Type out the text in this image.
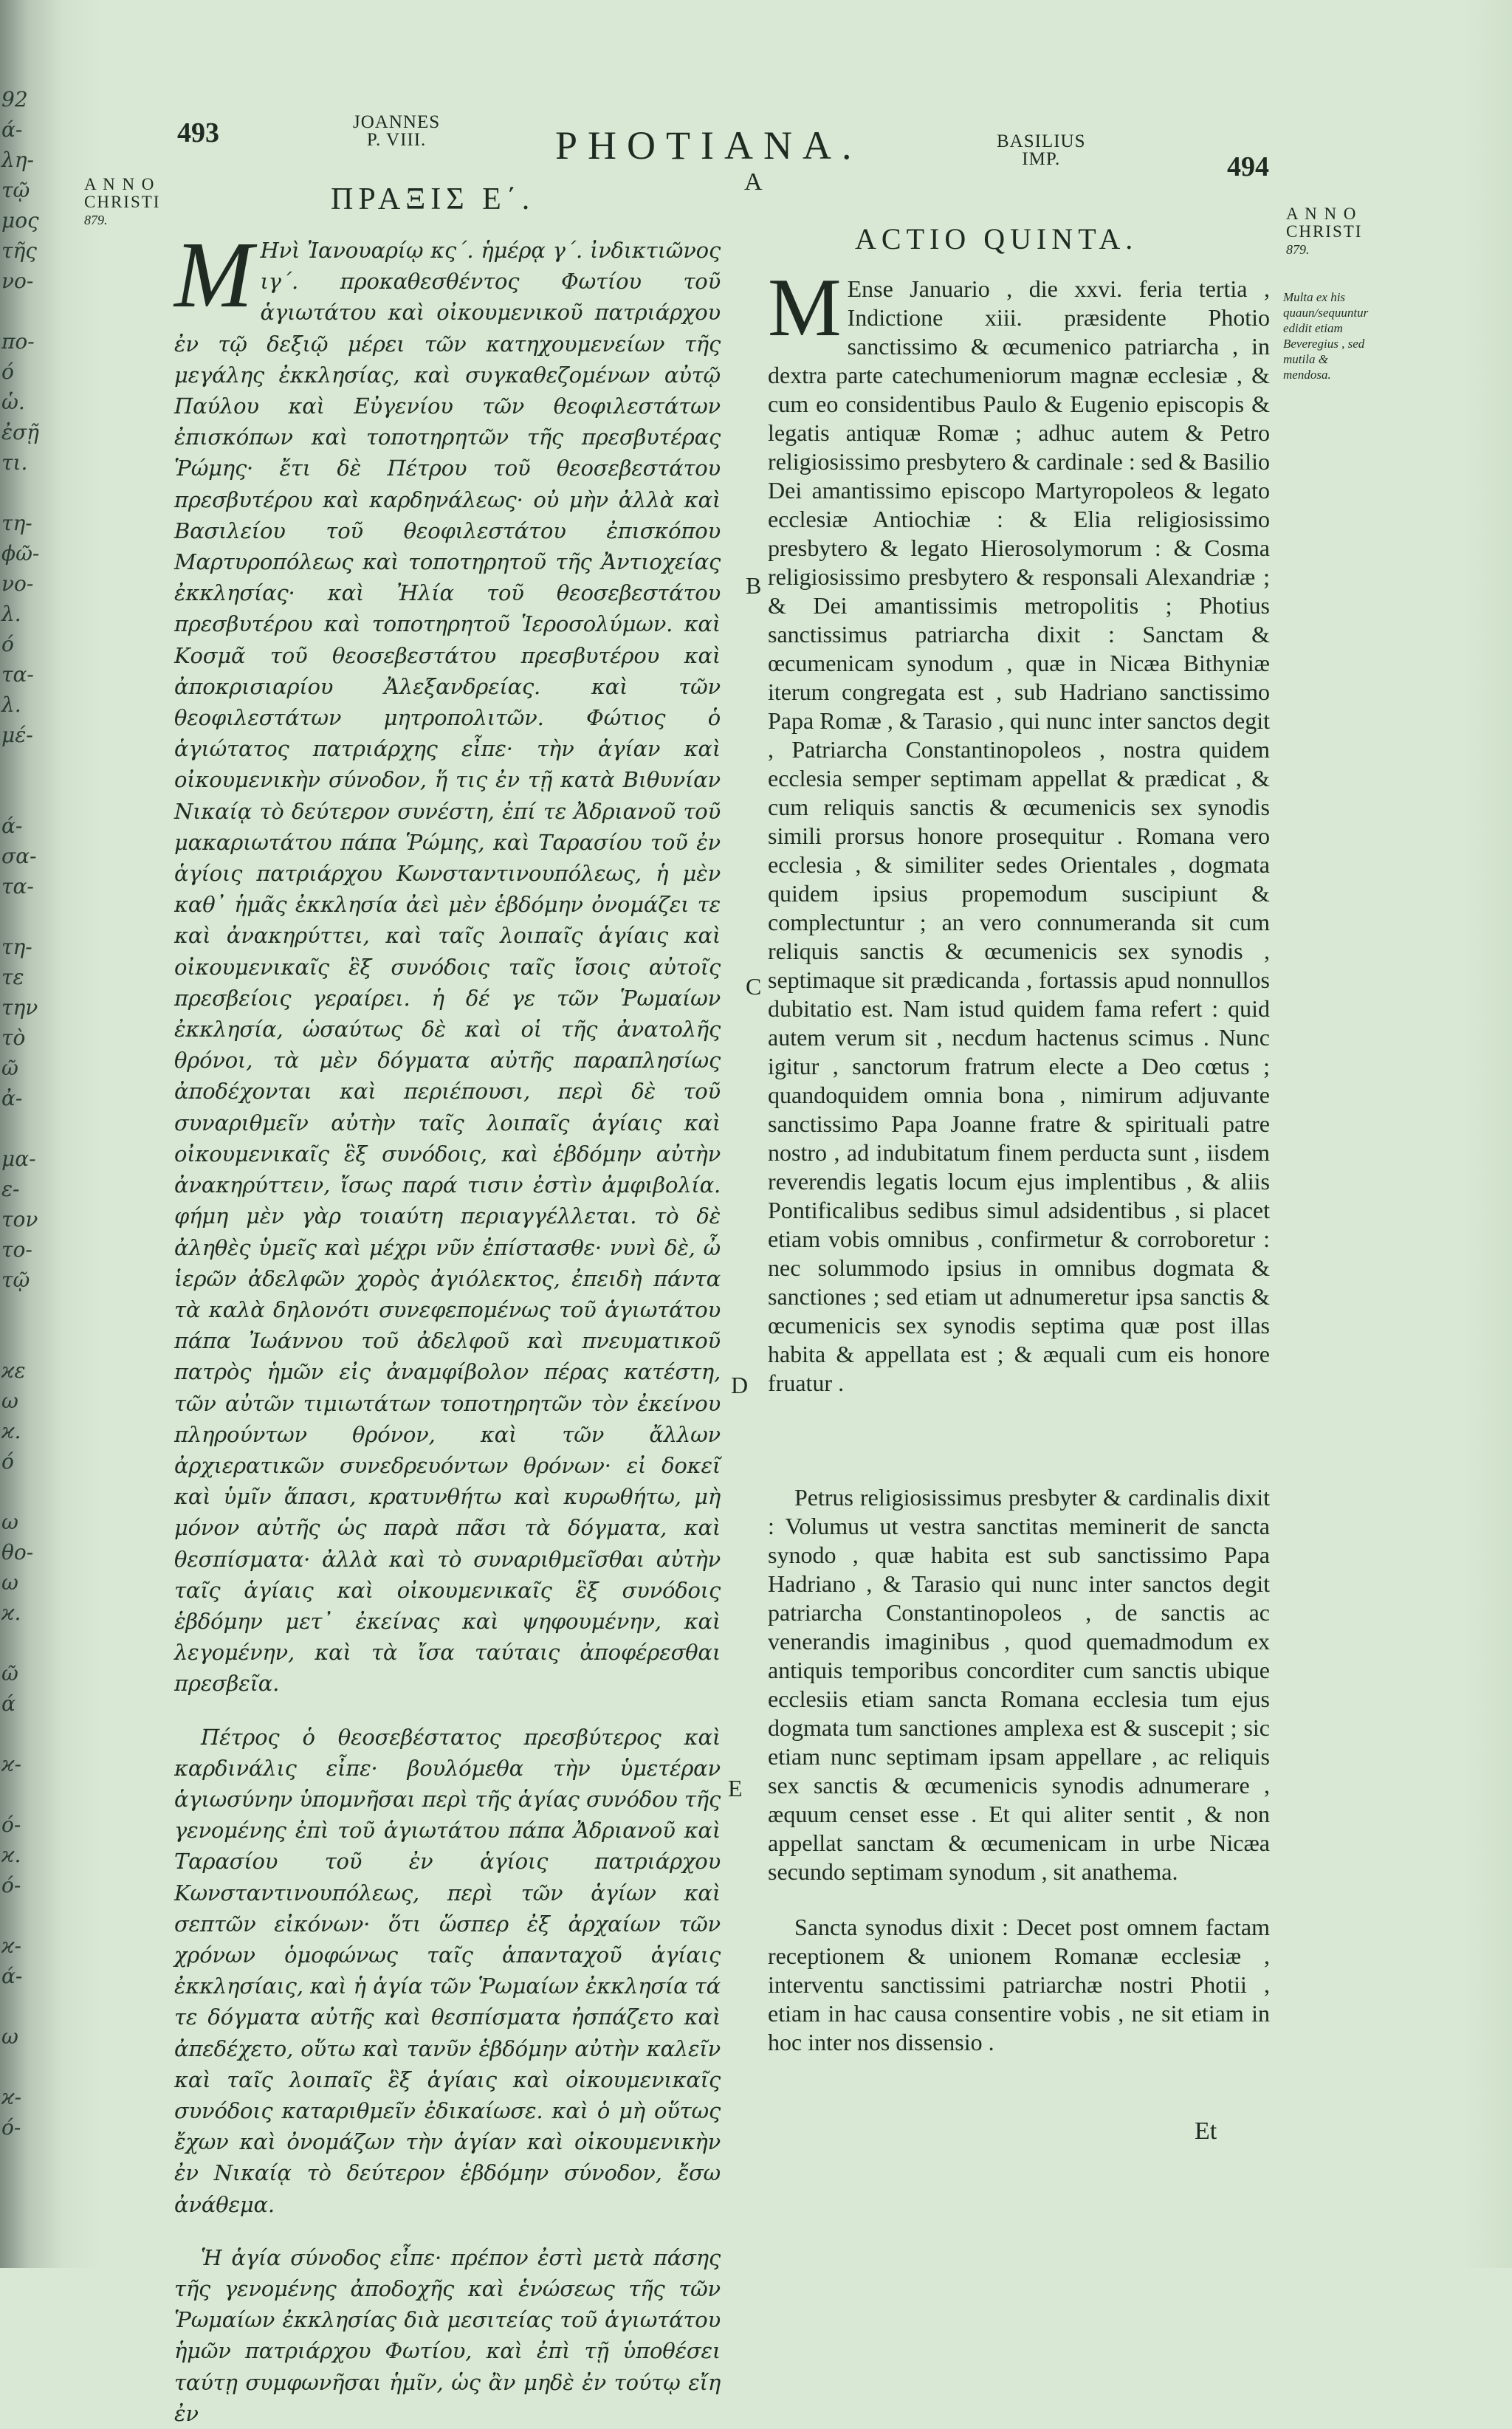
92
ά-
λη-
τῷ
μος
τῆς
νο-
πο-
ό
ὡ.
ἐσῇ
τι.
τη-
ϕῶ-
νο-
λ.
ό
τα-
λ.
μέ-
ά-
σα-
τα-
τη-
τε
την
τὸ
ῶ
ἀ-
μα-
ε-
τον
το-
τῷ
ϰε
ω
ϰ.
ό
ω
θο-
ω
ϰ.
ῶ
ά
ϰ-
ό-
ϰ.
ό-
ϰ-
ά-
ω
ϰ-
ό-
493	JOANNES
P. VIII.	PHOTIANA.	BASILIUS
IMP.	494
A
A N N O
CHRISTI
879.	A N N O
CHRISTI
879.
ΠΡΑΞΙΣ Ε΄.
ACTIO QUINTA.

Μ Ηνὶ Ἰανουαρίῳ κς΄. ἡμέρᾳ γ΄. ἰνδικτιῶνος ιγ΄. προκαθεσθέντος Φωτίου τοῦ ἁγιωτάτου καὶ οἰκουμενικοῦ πατριάρχου ἐν τῷ δεξιῷ μέρει τῶν κατηχουμενείων τῆς μεγάλης ἐκκλησίας, καὶ συγκαθεζομένων αὐτῷ Παύλου καὶ Εὐγενίου τῶν θεοφιλεστάτων ἐπισκόπων καὶ τοποτηρητῶν τῆς πρεσβυτέρας Ῥώμης· ἔτι δὲ Πέτρου τοῦ θεοσεβεστάτου πρεσβυτέρου καὶ καρδηνάλεως· οὐ μὴν ἀλλὰ καὶ Βασιλείου τοῦ θεοφιλεστάτου ἐπισκόπου Μαρτυροπόλεως καὶ τοποτηρητοῦ τῆς Ἀντιοχείας ἐκκλησίας· καὶ Ἠλία τοῦ θεοσεβεστάτου πρεσβυτέρου καὶ τοποτηρητοῦ Ἱεροσολύμων. καὶ Κοσμᾶ τοῦ θεοσεβεστάτου πρεσβυτέρου καὶ ἀποκρισιαρίου Ἀλεξανδρείας. καὶ τῶν θεοφιλεστάτων μητροπολιτῶν. Φώτιος ὁ ἁγιώτατος πατριάρχης εἶπε· τὴν ἁγίαν καὶ οἰκουμενικὴν σύνοδον, ἥ τις ἐν τῇ κατὰ Βιθυνίαν Νικαίᾳ τὸ δεύτερον συνέστη, ἐπί τε Ἀδριανοῦ τοῦ μακαριωτάτου πάπα Ῥώμης, καὶ Ταρασίου τοῦ ἐν ἁγίοις πατριάρχου Κωνσταντινουπόλεως, ἡ μὲν καθ᾽ ἡμᾶς ἐκκλησία ἀεὶ μὲν ἑβδόμην ὀνομάζει τε καὶ ἀνακηρύττει, καὶ ταῖς λοιπαῖς ἁγίαις καὶ οἰκουμενικαῖς ἓξ συνόδοις ταῖς ἴσοις αὐτοῖς πρεσβείοις γεραίρει. ἡ δέ γε τῶν Ῥωμαίων ἐκκλησία, ὡσαύτως δὲ καὶ οἱ τῆς ἀνατολῆς θρόνοι, τὰ μὲν δόγματα αὐτῆς παραπλησίως ἀποδέχονται καὶ περιέπουσι, περὶ δὲ τοῦ συναριθμεῖν αὐτὴν ταῖς λοιπαῖς ἁγίαις καὶ οἰκουμενικαῖς ἓξ συνόδοις, καὶ ἑβδόμην αὐτὴν ἀνακηρύττειν, ἴσως παρά τισιν ἐστὶν ἀμφιβολία. φήμη μὲν γὰρ τοιαύτη περιαγγέλλεται. τὸ δὲ ἀληθὲς ὑμεῖς καὶ μέχρι νῦν ἐπίστασθε· νυνὶ δὲ, ὦ ἱερῶν ἀδελφῶν χορὸς ἀγιόλεκτος, ἐπειδὴ πάντα τὰ καλὰ δηλονότι συνεφεπομένως τοῦ ἁγιωτάτου πάπα Ἰωάννου τοῦ ἀδελφοῦ καὶ πνευματικοῦ πατρὸς ἡμῶν εἰς ἀναμφίβολον πέρας κατέστη, τῶν αὐτῶν τιμιωτάτων τοποτηρητῶν τὸν ἐκείνου πληρούντων θρόνον, καὶ τῶν ἄλλων ἀρχιερατικῶν συνεδρευόντων θρόνων· εἰ δοκεῖ καὶ ὑμῖν ἅπασι, κρατυνθήτω καὶ κυρωθήτω, μὴ μόνον αὐτῆς ὡς παρὰ πᾶσι τὰ δόγματα, καὶ θεσπίσματα· ἀλλὰ καὶ τὸ συναριθμεῖσθαι αὐτὴν ταῖς ἁγίαις καὶ οἰκουμενικαῖς ἓξ συνόδοις ἑβδόμην μετ᾽ ἐκείνας καὶ ψηφουμένην, καὶ λεγομένην, καὶ τὰ ἴσα ταύταις ἀποφέρεσθαι πρεσβεῖα.

Πέτρος ὁ θεοσεβέστατος πρεσβύτερος καὶ καρδινάλις εἶπε· βουλόμεθα τὴν ὑμετέραν ἁγιωσύνην ὑπομνῆσαι περὶ τῆς ἁγίας συνόδου τῆς γενομένης ἐπὶ τοῦ ἁγιωτάτου πάπα Ἀδριανοῦ καὶ Ταρασίου τοῦ ἐν ἁγίοις πατριάρχου Κωνσταντινουπόλεως, περὶ τῶν ἁγίων καὶ σεπτῶν εἰκόνων· ὅτι ὥσπερ ἐξ ἀρχαίων τῶν χρόνων ὁμοφώνως ταῖς ἁπανταχοῦ ἁγίαις ἐκκλησίαις, καὶ ἡ ἁγία τῶν Ῥωμαίων ἐκκλησία τά τε δόγματα αὐτῆς καὶ θεσπίσματα ἠσπάζετο καὶ ἀπεδέχετο, οὕτω καὶ τανῦν ἑβδόμην αὐτὴν καλεῖν καὶ ταῖς λοιπαῖς ἓξ ἁγίαις καὶ οἰκουμενικαῖς συνόδοις καταριθμεῖν ἐδικαίωσε. καὶ ὁ μὴ οὕτως ἔχων καὶ ὀνομάζων τὴν ἁγίαν καὶ οἰκουμενικὴν ἐν Νικαίᾳ τὸ δεύτερον ἑβδόμην σύνοδον, ἔσω ἀνάθεμα.

Ἡ ἁγία σύνοδος εἶπε· πρέπον ἐστὶ μετὰ πάσης τῆς γενομένης ἀποδοχῆς καὶ ἑνώσεως τῆς τῶν Ῥωμαίων ἐκκλησίας διὰ μεσιτείας τοῦ ἁγιωτάτου ἡμῶν πατριάρχου Φωτίου, καὶ ἐπὶ τῇ ὑποθέσει ταύτῃ συμφωνῆσαι ἡμῖν, ὡς ἂν μηδὲ ἐν τούτῳ εἴη ἐν

B
C
D
E

M Ense Januario , die xxvi. feria tertia , Indictione xiii. præsidente Photio sanctissimo & œcumenico patriarcha , in dextra parte catechumeniorum magnæ ecclesiæ , & cum eo considentibus Paulo & Eugenio episcopis & legatis antiquæ Romæ ; adhuc autem & Petro religiosissimo presbytero & cardinale : sed & Basilio Dei amantissimo episcopo Martyropoleos & legato ecclesiæ Antiochiæ : & Elia religiosissimo presbytero & legato Hierosolymorum : & Cosma religiosissimo presbytero & responsali Alexandriæ ; & Dei amantissimis metropolitis ; Photius sanctissimus patriarcha dixit : Sanctam & œcumenicam synodum , quæ in Nicæa Bithyniæ iterum congregata est , sub Hadriano sanctissimo Papa Romæ , & Tarasio , qui nunc inter sanctos degit , Patriarcha Constantinopoleos , nostra quidem ecclesia semper septimam appellat & prædicat , & cum reliquis sanctis & œcumenicis sex synodis simili prorsus honore prosequitur . Romana vero ecclesia , & similiter sedes Orientales , dogmata quidem ipsius propemodum suscipiunt & complectuntur ; an vero connumeranda sit cum reliquis sanctis & œcumenicis sex synodis , septimaque sit prædicanda , fortassis apud nonnullos dubitatio est. Nam istud quidem fama refert : quid autem verum sit , necdum hactenus scimus . Nunc igitur , sanctorum fratrum electe a Deo cœtus ; quandoquidem omnia bona , nimirum adjuvante sanctissimo Papa Joanne fratre & spirituali patre nostro , ad indubitatum finem perducta sunt , iisdem reverendis legatis locum ejus implentibus , & aliis Pontificalibus sedibus simul adsidentibus , si placet etiam vobis omnibus , confirmetur & corroboretur : nec solummodo ipsius in omnibus dogmata & sanctiones ; sed etiam ut adnumeretur ipsa sanctis & œcumenicis sex synodis septima quæ post illas habita & appellata est ; & æquali cum eis honore fruatur .

Petrus religiosissimus presbyter & cardinalis dixit : Volumus ut vestra sanctitas meminerit de sancta synodo , quæ habita est sub sanctissimo Papa Hadriano , & Tarasio qui nunc inter sanctos degit patriarcha Constantinopoleos , de sanctis ac venerandis imaginibus , quod quemadmodum ex antiquis temporibus concorditer cum sanctis ubique ecclesiis etiam sancta Romana ecclesia tum ejus dogmata tum sanctiones amplexa est & suscepit ; sic etiam nunc septimam ipsam appellare , ac reliquis sex sanctis & œcumenicis synodis adnumerare , æquum censet esse . Et qui aliter sentit , & non appellat sanctam & œcumenicam in urbe Nicæa secundo septimam synodum , sit anathema.

Sancta synodus dixit : Decet post omnem factam receptionem & unionem Romanæ ecclesiæ , interventu sanctissimi patriarchæ nostri Photii , etiam in hac causa consentire vobis , ne sit etiam in hoc inter nos dissensio .

Et
Multa ex his quaun/sequuntur edidit etiam Beveregius , sed mutila & mendosa.
